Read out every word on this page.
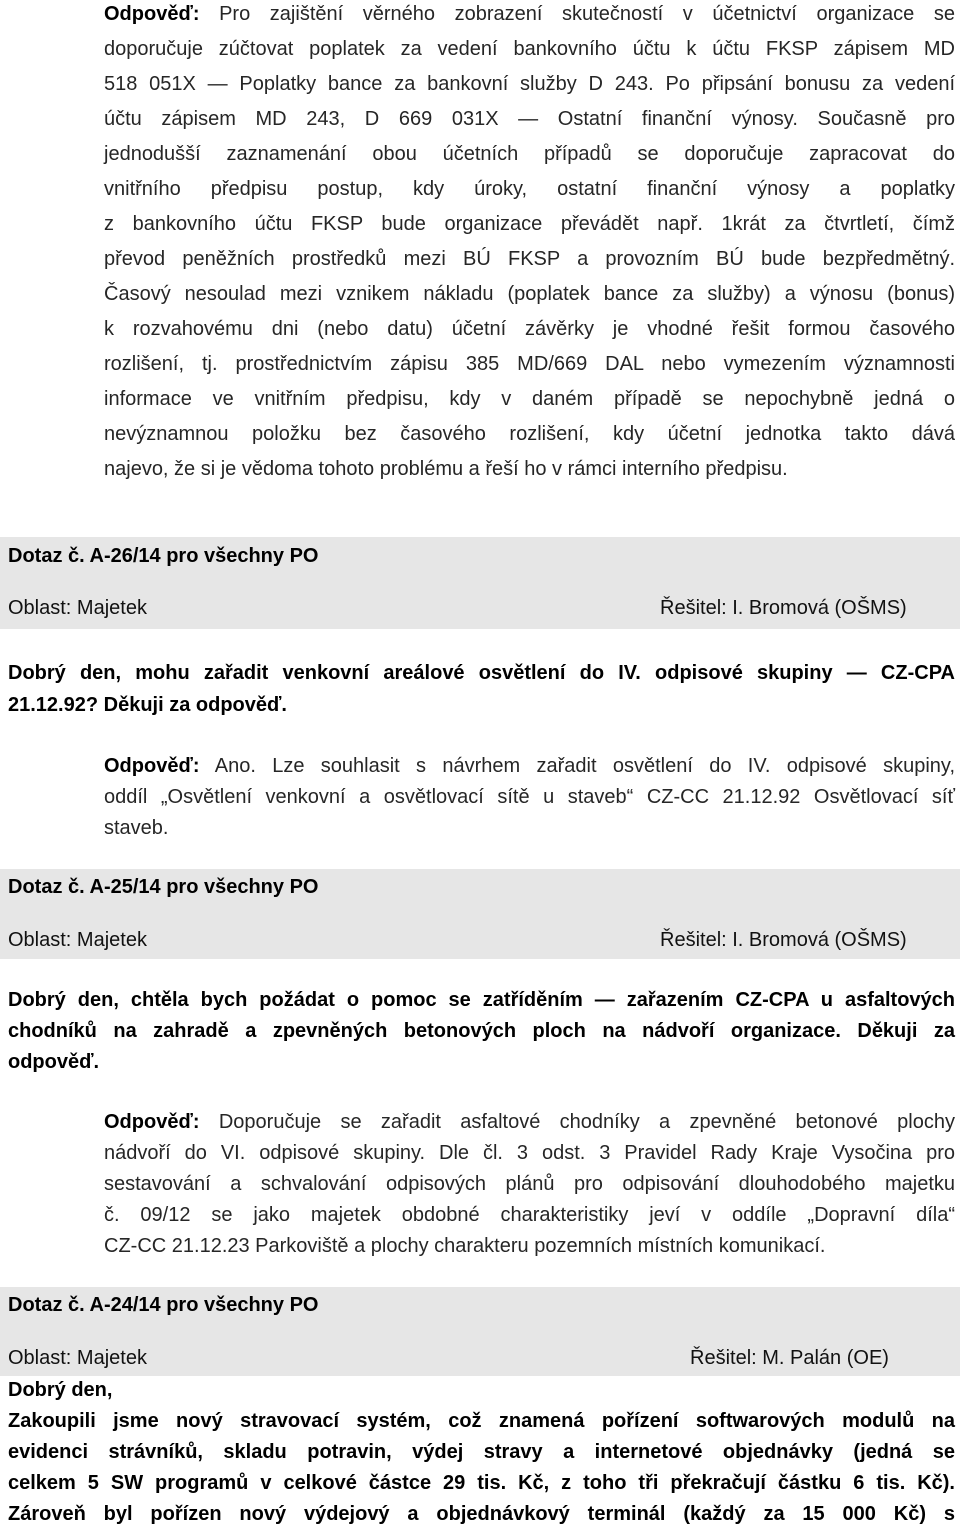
Odpověď: Pro zajištění věrného zobrazení skutečností v účetnictví organizace se
doporučuje zúčtovat poplatek za vedení bankovního účtu k účtu FKSP zápisem MD
518 051X — Poplatky bance za bankovní služby D 243. Po připsání bonusu za vedení
účtu zápisem MD 243, D 669 031X — Ostatní finanční výnosy. Současně pro
jednodušší zaznamenání obou účetních případů se doporučuje zapracovat do
vnitřního předpisu postup, kdy úroky, ostatní finanční výnosy a poplatky
z bankovního účtu FKSP bude organizace převádět např. 1krát za čtvrtletí, čímž
převod peněžních prostředků mezi BÚ FKSP a provozním BÚ bude bezpředmětný.
Časový nesoulad mezi vznikem nákladu (poplatek bance za služby) a výnosu (bonus)
k rozvahovému dni (nebo datu) účetní závěrky je vhodné řešit formou časového
rozlišení, tj. prostřednictvím zápisu 385 MD/669 DAL nebo vymezením významnosti
informace ve vnitřním předpisu, kdy v daném případě se nepochybně jedná o
nevýznamnou položku bez časového rozlišení, kdy účetní jednotka takto dává
najevo, že si je vědoma tohoto problému a řeší ho v rámci interního předpisu.
Dotaz č. A-26/14 pro všechny PO
Oblast: Majetek	Řešitel: I. Bromová (OŠMS)
Dobrý den, mohu zařadit venkovní areálové osvětlení do IV. odpisové skupiny — CZ-CPA
21.12.92? Děkuji za odpověď.
Odpověď: Ano. Lze souhlasit s návrhem zařadit osvětlení do IV. odpisové skupiny,
oddíl „Osvětlení venkovní a osvětlovací sítě u staveb“ CZ-CC 21.12.92 Osvětlovací síť
staveb.
Dotaz č. A-25/14 pro všechny PO
Oblast: Majetek	Řešitel: I. Bromová (OŠMS)
Dobrý den, chtěla bych požádat o pomoc se zatříděním — zařazením CZ-CPA u asfaltových
chodníků na zahradě a zpevněných betonových ploch na nádvoří organizace. Děkuji za
odpověď.
Odpověď: Doporučuje se zařadit asfaltové chodníky a zpevněné betonové plochy
nádvoří do VI. odpisové skupiny. Dle čl. 3 odst. 3 Pravidel Rady Kraje Vysočina pro
sestavování a schvalování odpisových plánů pro odpisování dlouhodobého majetku
č. 09/12 se jako majetek obdobné charakteristiky jeví v oddíle „Dopravní díla“
CZ-CC 21.12.23 Parkoviště a plochy charakteru pozemních místních komunikací.
Dotaz č. A-24/14 pro všechny PO
Oblast: Majetek	Řešitel: M. Palán (OE)
Dobrý den,
Zakoupili jsme nový stravovací systém, což znamená pořízení softwarových modulů na
evidenci strávníků, skladu potravin, výdej stravy a internetové objednávky (jedná se
celkem 5 SW programů v celkové částce 29 tis. Kč, z toho tři překračují částku 6 tis. Kč).
Zároveň byl pořízen nový výdejový a objednávkový terminál (každý za 15 000 Kč) s
